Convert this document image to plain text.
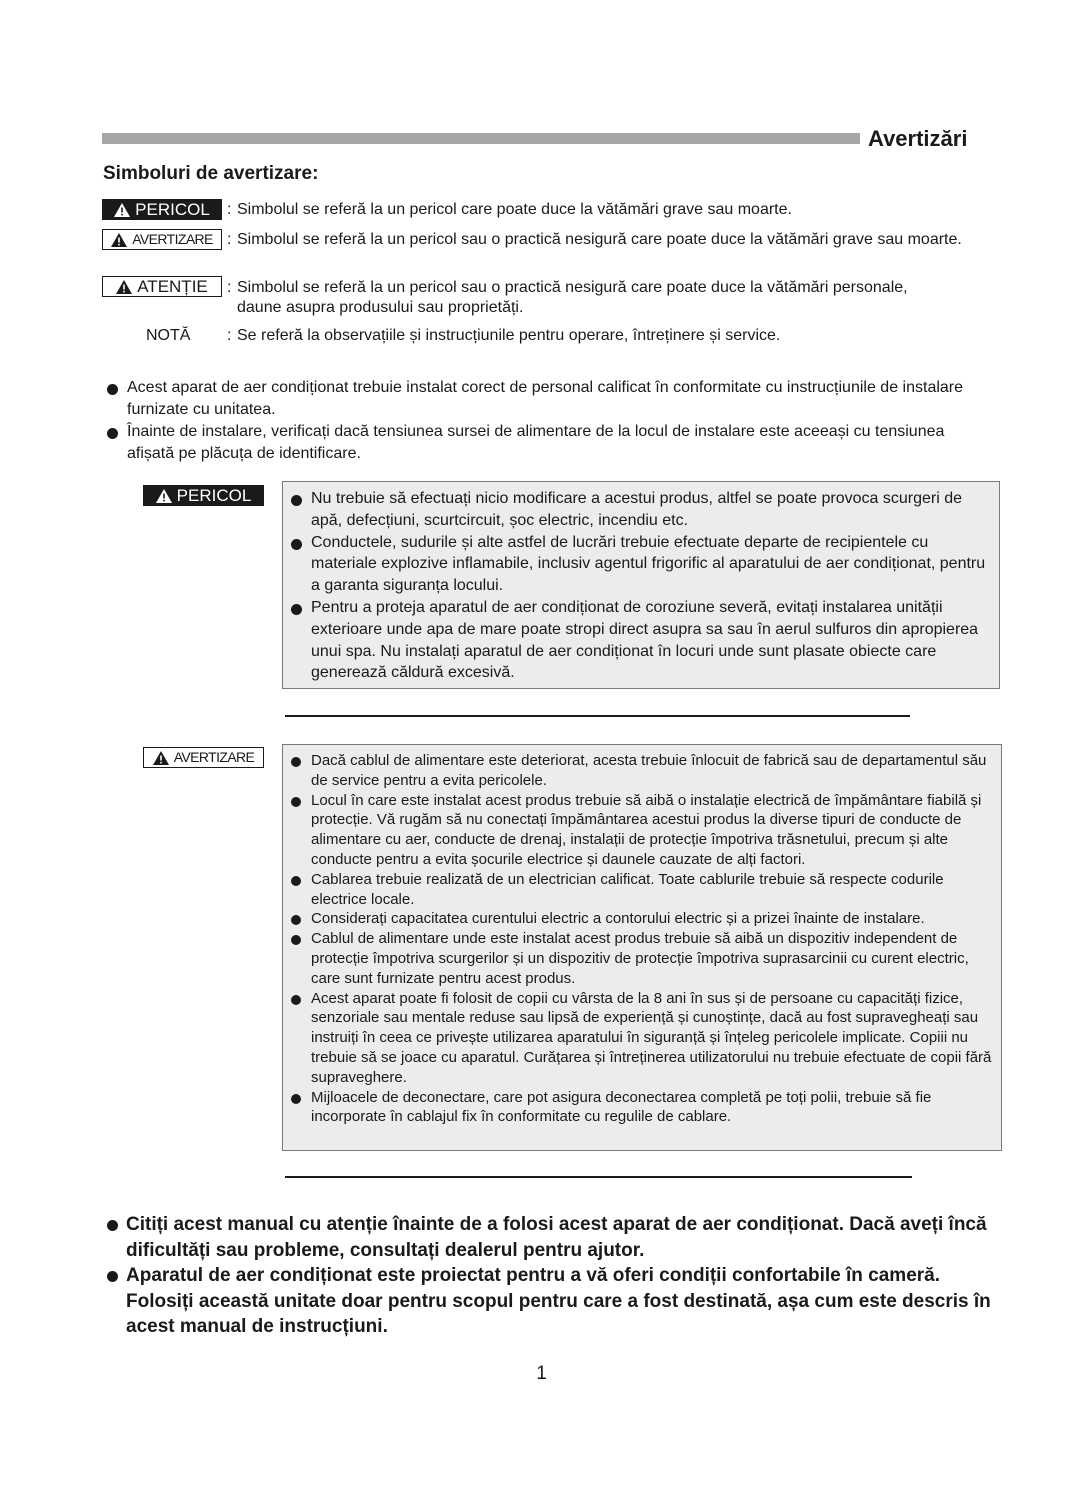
Avertizări
Simboluri de avertizare:
PERICOL : Simbolul se referă la un pericol care poate duce la vătămări grave sau moarte.
AVERTIZARE : Simbolul se referă la un pericol sau o practică nesigură care poate duce la vătămări grave sau moarte.
ATENȚIE : Simbolul se referă la un pericol sau o practică nesigură care poate duce la vătămări personale, daune asupra produsului sau proprietăți.
NOTĂ : Se referă la observațiile și instrucțiunile pentru operare, întreținere și service.
Acest aparat de aer condiționat trebuie instalat corect de personal calificat în conformitate cu instrucțiunile de instalare furnizate cu unitatea.
Înainte de instalare, verificați dacă tensiunea sursei de alimentare de la locul de instalare este aceeași cu tensiunea afișată pe plăcuța de identificare.
PERICOL	Nu trebuie să efectuați nicio modificare a acestui produs, altfel se poate provoca scurgeri de apă, defecțiuni, scurtcircuit, șoc electric, incendiu etc.
Conductele, sudurile și alte astfel de lucrări trebuie efectuate departe de recipientele cu materiale explozive inflamabile, inclusiv agentul frigorific al aparatului de aer condiționat, pentru a garanta siguranța locului.
Pentru a proteja aparatul de aer condiționat de coroziune severă, evitați instalarea unității exterioare unde apa de mare poate stropi direct asupra sa sau în aerul sulfuros din apropierea unui spa. Nu instalați aparatul de aer condiționat în locuri unde sunt plasate obiecte care generează căldură excesivă.
AVERTIZARE	Dacă cablul de alimentare este deteriorat, acesta trebuie înlocuit de fabrică sau de departamentul său de service pentru a evita pericolele.
Locul în care este instalat acest produs trebuie să aibă o instalație electrică de împământare fiabilă și protecție. Vă rugăm să nu conectați împământarea acestui produs la diverse tipuri de conducte de alimentare cu aer, conducte de drenaj, instalații de protecție împotriva trăsnetului, precum și alte conducte pentru a evita șocurile electrice și daunele cauzate de alți factori.
Cablarea trebuie realizată de un electrician calificat. Toate cablurile trebuie să respecte codurile electrice locale.
Considerați capacitatea curentului electric a contorului electric și a prizei înainte de instalare.
Cablul de alimentare unde este instalat acest produs trebuie să aibă un dispozitiv independent de protecție împotriva scurgerilor și un dispozitiv de protecție împotriva suprasarcinii cu curent electric, care sunt furnizate pentru acest produs.
Acest aparat poate fi folosit de copii cu vârsta de la 8 ani în sus și de persoane cu capacități fizice, senzoriale sau mentale reduse sau lipsă de experiență și cunoștințe, dacă au fost supravegheați sau instruiți în ceea ce privește utilizarea aparatului în siguranță și înțeleg pericolele implicate. Copiii nu trebuie să se joace cu aparatul. Curățarea și întreținerea utilizatorului nu trebuie efectuate de copii fără supraveghere.
Mijloacele de deconectare, care pot asigura deconectarea completă pe toți polii, trebuie să fie incorporate în cablajul fix în conformitate cu regulile de cablare.
Citiți acest manual cu atenție înainte de a folosi acest aparat de aer condiționat. Dacă aveți încă dificultăți sau probleme, consultați dealerul pentru ajutor.
Aparatul de aer condiționat este proiectat pentru a vă oferi condiții confortabile în cameră. Folosiți această unitate doar pentru scopul pentru care a fost destinată, așa cum este descris în acest manual de instrucțiuni.
1
